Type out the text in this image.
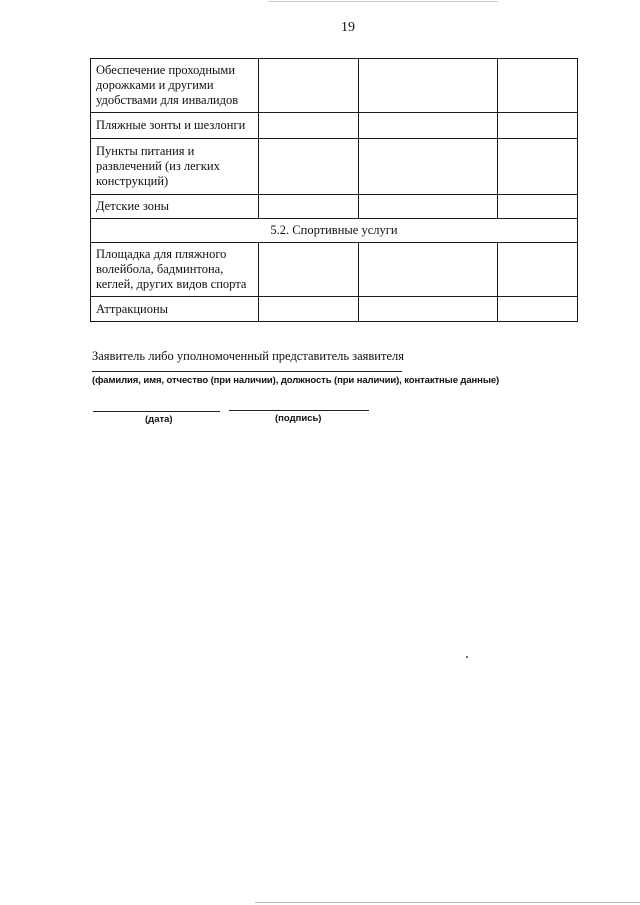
19
Обеспечение проходными дорожками и другими удобствами для инвалидов			
Пляжные зонты и шезлонги			
Пункты питания и развлечений (из легких конструкций)			
Детские зоны			
5.2. Спортивные услуги			
Площадка для пляжного волейбола, бадминтона, кеглей, других видов спорта			
Аттракционы			
Заявитель либо уполномоченный представитель заявителя
(фамилия, имя, отчество (при наличии), должность (при наличии), контактные данные)
(дата)	(подпись)
